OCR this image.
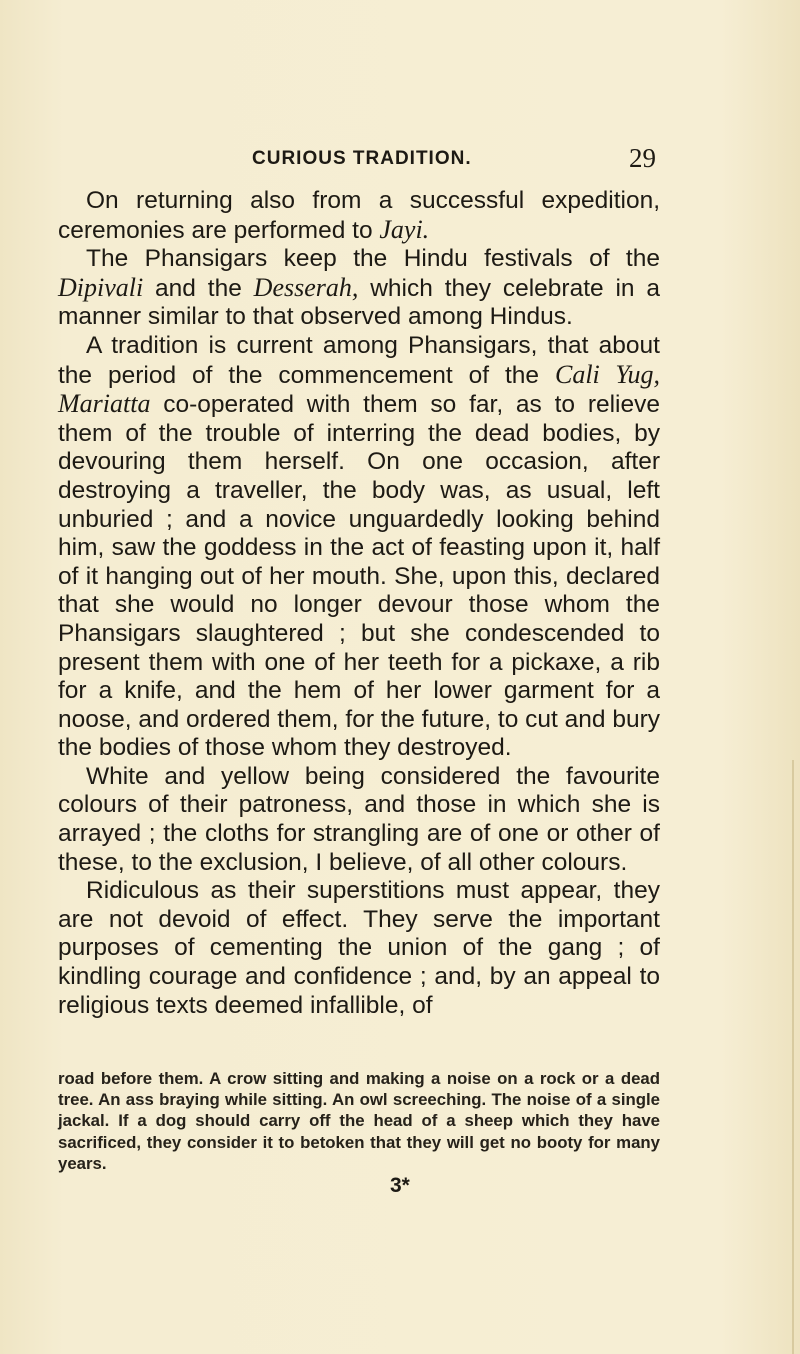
CURIOUS TRADITION.	29

On returning also from a successful expedition, ceremonies are performed to Jayi.

The Phansigars keep the Hindu festivals of the Dipivali and the Desserah, which they celebrate in a manner similar to that observed among Hindus.

A tradition is current among Phansigars, that about the period of the commencement of the Cali Yug, Mariatta co-operated with them so far, as to relieve them of the trouble of interring the dead bodies, by devouring them herself. On one occasion, after destroying a traveller, the body was, as usual, left unburied ; and a novice unguardedly looking behind him, saw the goddess in the act of feasting upon it, half of it hanging out of her mouth. She, upon this, declared that she would no longer devour those whom the Phansigars slaughtered ; but she condescended to present them with one of her teeth for a pickaxe, a rib for a knife, and the hem of her lower garment for a noose, and ordered them, for the future, to cut and bury the bodies of those whom they destroyed.

White and yellow being considered the favourite colours of their patroness, and those in which she is arrayed ; the cloths for strangling are of one or other of these, to the exclusion, I believe, of all other colours.

Ridiculous as their superstitions must appear, they are not devoid of effect. They serve the important purposes of cementing the union of the gang ; of kindling courage and confidence ; and, by an appeal to religious texts deemed infallible, of

road before them. A crow sitting and making a noise on a rock or a dead tree. An ass braying while sitting. An owl screeching. The noise of a single jackal. If a dog should carry off the head of a sheep which they have sacrificed, they consider it to betoken that they will get no booty for many years.

3*
